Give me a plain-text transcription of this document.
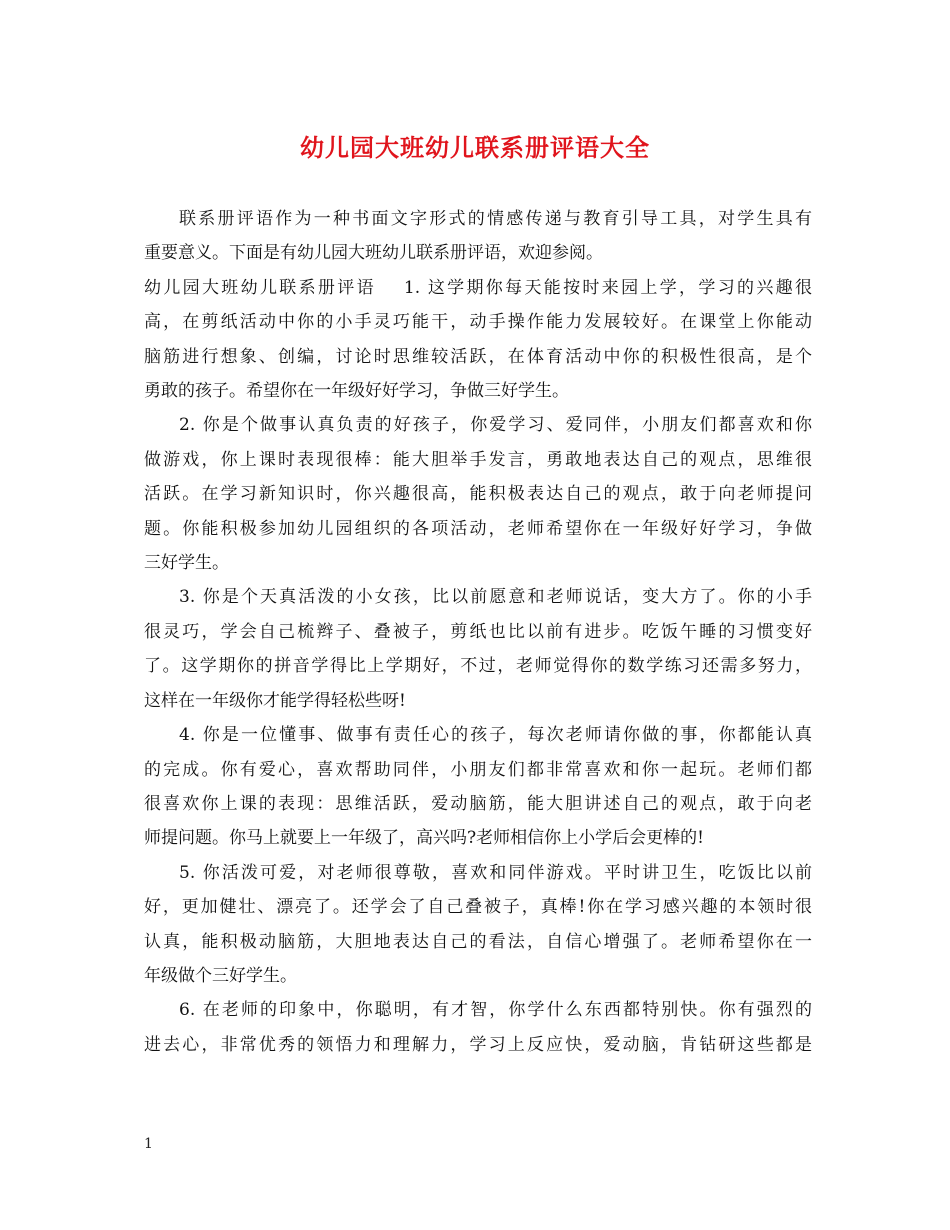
幼儿园大班幼儿联系册评语大全

联系册评语作为一种书面文字形式的情感传递与教育引导工具，对学生具有
重要意义。下面是有幼儿园大班幼儿联系册评语，欢迎参阅。

幼儿园大班幼儿联系册评语 1. 这学期你每天能按时来园上学，学习的兴趣很
高，在剪纸活动中你的小手灵巧能干，动手操作能力发展较好。在课堂上你能动
脑筋进行想象、创编，讨论时思维较活跃，在体育活动中你的积极性很高，是个
勇敢的孩子。希望你在一年级好好学习，争做三好学生。

2. 你是个做事认真负责的好孩子，你爱学习、爱同伴，小朋友们都喜欢和你
做游戏，你上课时表现很棒：能大胆举手发言，勇敢地表达自己的观点，思维很
活跃。在学习新知识时，你兴趣很高，能积极表达自己的观点，敢于向老师提问
题。你能积极参加幼儿园组织的各项活动，老师希望你在一年级好好学习，争做
三好学生。

3. 你是个天真活泼的小女孩，比以前愿意和老师说话，变大方了。你的小手
很灵巧，学会自己梳辫子、叠被子，剪纸也比以前有进步。吃饭午睡的习惯变好
了。这学期你的拼音学得比上学期好，不过，老师觉得你的数学练习还需多努力，
这样在一年级你才能学得轻松些呀!

4. 你是一位懂事、做事有责任心的孩子，每次老师请你做的事，你都能认真
的完成。你有爱心，喜欢帮助同伴，小朋友们都非常喜欢和你一起玩。老师们都
很喜欢你上课的表现：思维活跃，爱动脑筋，能大胆讲述自己的观点，敢于向老
师提问题。你马上就要上一年级了，高兴吗?老师相信你上小学后会更棒的!

5. 你活泼可爱，对老师很尊敬，喜欢和同伴游戏。平时讲卫生，吃饭比以前
好，更加健壮、漂亮了。还学会了自己叠被子，真棒!你在学习感兴趣的本领时很
认真，能积极动脑筋，大胆地表达自己的看法，自信心增强了。老师希望你在一
年级做个三好学生。

6. 在老师的印象中，你聪明，有才智，你学什么东西都特别快。你有强烈的
进去心，非常优秀的领悟力和理解力，学习上反应快，爱动脑，肯钻研这些都是

1
